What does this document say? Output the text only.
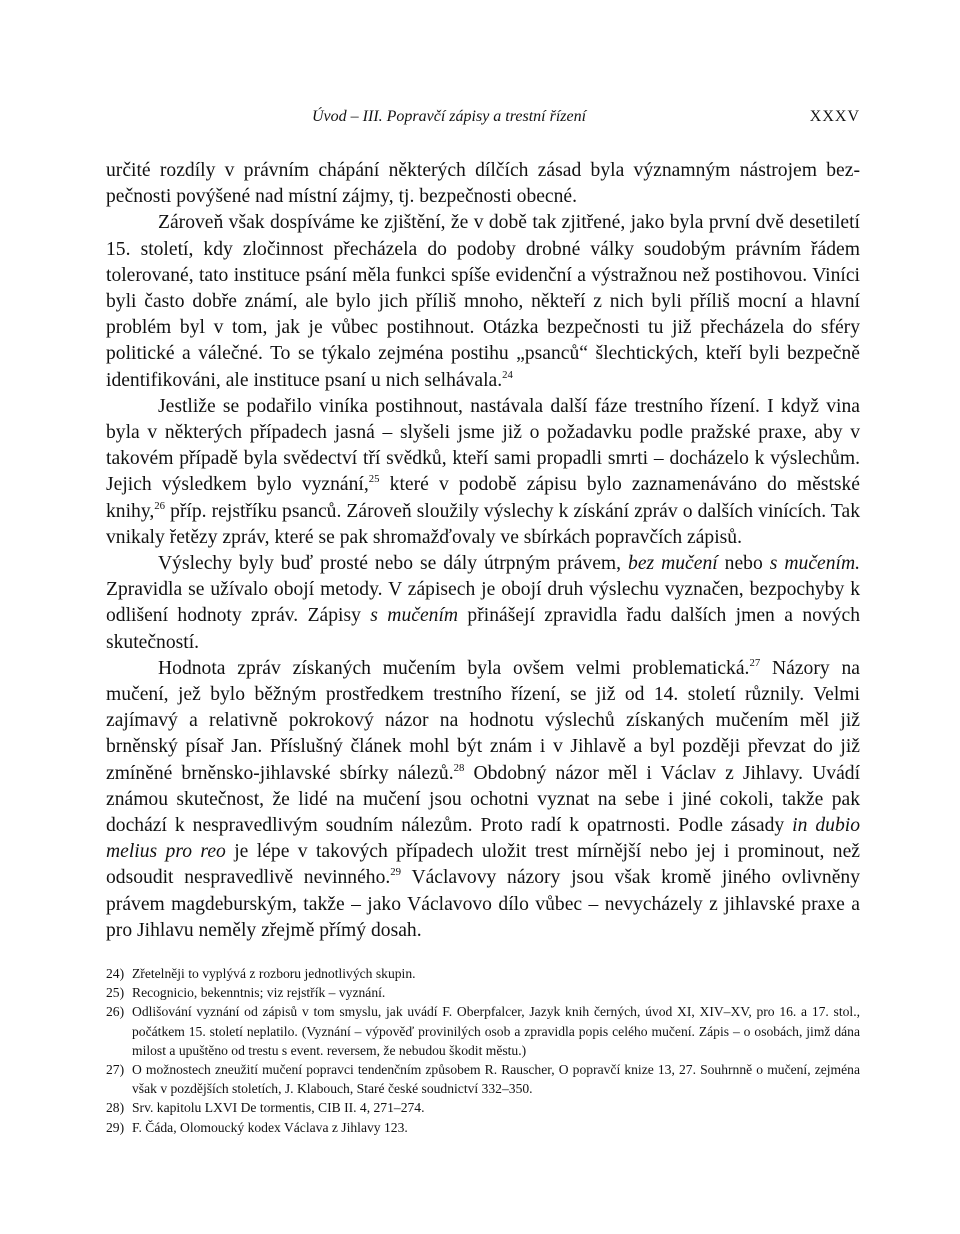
Úvod – III. Popravčí zápisy a trestní řízení	XXXV

určité rozdíly v právním chápání některých dílčích zásad byla významným nástrojem bezpečnosti povýšené nad místní zájmy, tj. bezpečnosti obecné.

Zároveň však dospíváme ke zjištění, že v době tak zjitřené, jako byla první dvě desetiletí 15. století, kdy zločinnost přecházela do podoby drobné války soudobým právním řádem tolerované, tato instituce psání měla funkci spíše evidenční a výstražnou než postihovou. Viníci byli často dobře známí, ale bylo jich příliš mnoho, někteří z nich byli příliš mocní a hlavní problém byl v tom, jak je vůbec postihnout. Otázka bezpečnosti tu již přecházela do sféry politické a válečné. To se týkalo zejména postihu „psanců“ šlechtických, kteří byli bezpečně identifikováni, ale instituce psaní u nich selhávala.$^{24}$

Jestliže se podařilo viníka postihnout, nastávala další fáze trestního řízení. I když vina byla v některých případech jasná – slyšeli jsme již o požadavku podle pražské praxe, aby v takovém případě byla svědectví tří svědků, kteří sami propadli smrti – docházelo k výslechům. Jejich výsledkem bylo vyznání,$^{25}$ které v podobě zápisu bylo zaznamenáváno do městské knihy,$^{26}$ příp. rejstříku psanců. Zároveň sloužily výslechy k získání zpráv o dalších vinících. Tak vnikaly řetězy zpráv, které se pak shromažďovaly ve sbírkách popravčích zápisů.

Výslechy byly buď prosté nebo se dály útrpným právem, bez mučení nebo s mučením. Zpravidla se užívalo obojí metody. V zápisech je obojí druh výslechu vyznačen, bezpochyby k odlišení hodnoty zpráv. Zápisy s mučením přinášejí zpravidla řadu dalších jmen a nových skutečností.

Hodnota zpráv získaných mučením byla ovšem velmi problematická.$^{27}$ Názory na mučení, jež bylo běžným prostředkem trestního řízení, se již od 14. století různily. Velmi zajímavý a relativně pokrokový názor na hodnotu výslechů získaných mučením měl již brněnský písař Jan. Příslušný článek mohl být znám i v Jihlavě a byl později převzat do již zmíněné brněnsko-jihlavské sbírky nálezů.$^{28}$ Obdobný názor měl i Václav z Jihlavy. Uvádí známou skutečnost, že lidé na mučení jsou ochotni vyznat na sebe i jiné cokoli, takže pak dochází k nespravedlivým soudním nálezům. Proto radí k opatrnosti. Podle zásady in dubio melius pro reo je lépe v takových případech uložit trest mírnější nebo jej i prominout, než odsoudit nespravedlivě nevinného.$^{29}$ Václavovy názory jsou však kromě jiného ovlivněny právem magdeburským, takže – jako Václavovo dílo vůbec – nevycházely z jihlavské praxe a pro Jihlavu neměly zřejmě přímý dosah.

24) Zřetelněji to vyplývá z rozboru jednotlivých skupin.
25) Recognicio, bekenntnis; viz rejstřík – vyznání.
26) Odlišování vyznání od zápisů v tom smyslu, jak uvádí F. Oberpfalcer, Jazyk knih černých, úvod XI, XIV–XV, pro 16. a 17. stol., počátkem 15. století neplatilo. (Vyznání – výpověď provinilých osob a zpravidla popis celého mučení. Zápis – o osobách, jimž dána milost a upuštěno od trestu s event. reversem, že nebudou škodit městu.)
27) O možnostech zneužití mučení popravci tendenčním způsobem R. Rauscher, O popravčí knize 13, 27. Souhrnně o mučení, zejména však v pozdějších stoletích, J. Klabouch, Staré české soudnictví 332–350.
28) Srv. kapitolu LXVI De tormentis, CIB II. 4, 271–274.
29) F. Čáda, Olomoucký kodex Václava z Jihlavy 123.
